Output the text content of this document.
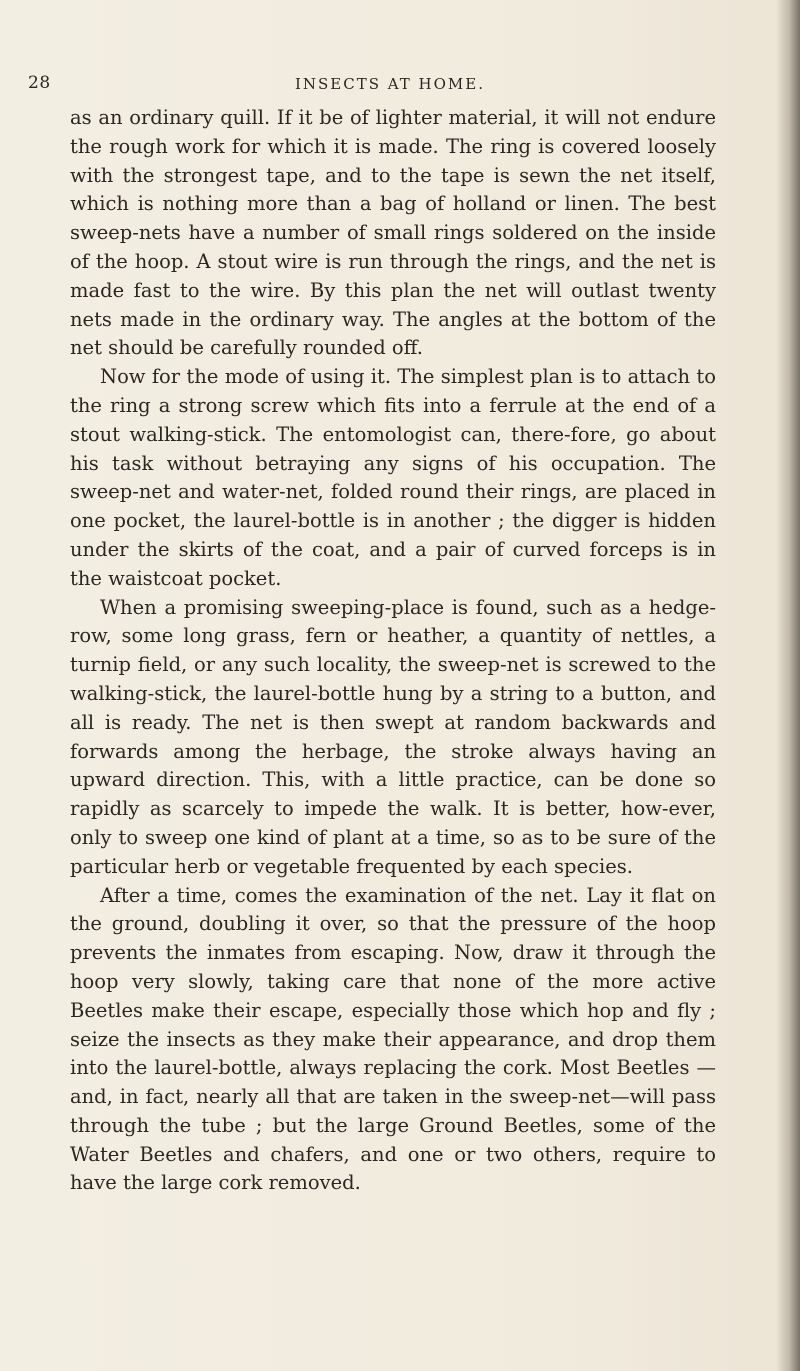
28	INSECTS AT HOME.

as an ordinary quill. If it be of lighter material, it will not endure the rough work for which it is made. The ring is covered loosely with the strongest tape, and to the tape is sewn the net itself, which is nothing more than a bag of holland or linen. The best sweep-nets have a number of small rings soldered on the inside of the hoop. A stout wire is run through the rings, and the net is made fast to the wire. By this plan the net will outlast twenty nets made in the ordinary way. The angles at the bottom of the net should be carefully rounded off.

Now for the mode of using it. The simplest plan is to attach to the ring a strong screw which fits into a ferrule at the end of a stout walking-stick. The entomologist can, there-fore, go about his task without betraying any signs of his occupation. The sweep-net and water-net, folded round their rings, are placed in one pocket, the laurel-bottle is in another ; the digger is hidden under the skirts of the coat, and a pair of curved forceps is in the waistcoat pocket.

When a promising sweeping-place is found, such as a hedge-row, some long grass, fern or heather, a quantity of nettles, a turnip field, or any such locality, the sweep-net is screwed to the walking-stick, the laurel-bottle hung by a string to a button, and all is ready. The net is then swept at random backwards and forwards among the herbage, the stroke always having an upward direction. This, with a little practice, can be done so rapidly as scarcely to impede the walk. It is better, how-ever, only to sweep one kind of plant at a time, so as to be sure of the particular herb or vegetable frequented by each species.

After a time, comes the examination of the net. Lay it flat on the ground, doubling it over, so that the pressure of the hoop prevents the inmates from escaping. Now, draw it through the hoop very slowly, taking care that none of the more active Beetles make their escape, especially those which hop and fly ; seize the insects as they make their appearance, and drop them into the laurel-bottle, always replacing the cork. Most Beetles —and, in fact, nearly all that are taken in the sweep-net—will pass through the tube ; but the large Ground Beetles, some of the Water Beetles and chafers, and one or two others, require to have the large cork removed.
